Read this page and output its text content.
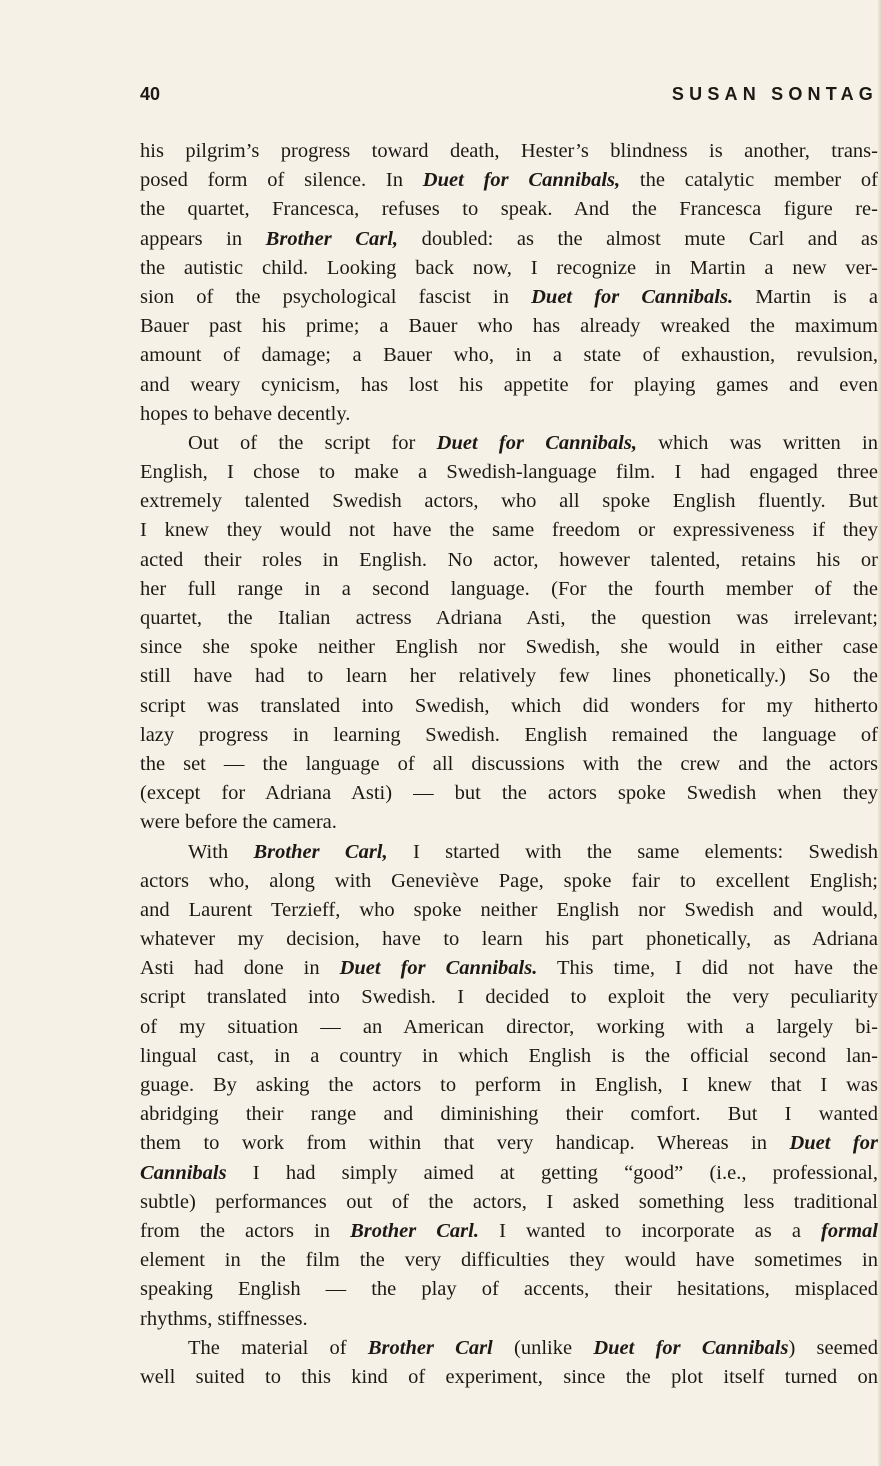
40	SUSAN SONTAG
his pilgrim’s progress toward death, Hester’s blindness is another, trans-
posed form of silence. In Duet for Cannibals, the catalytic member of
the quartet, Francesca, refuses to speak. And the Francesca figure re-
appears in Brother Carl, doubled: as the almost mute Carl and as
the autistic child. Looking back now, I recognize in Martin a new ver-
sion of the psychological fascist in Duet for Cannibals. Martin is a
Bauer past his prime; a Bauer who has already wreaked the maximum
amount of damage; a Bauer who, in a state of exhaustion, revulsion,
and weary cynicism, has lost his appetite for playing games and even
hopes to behave decently.
Out of the script for Duet for Cannibals, which was written in
English, I chose to make a Swedish-language film. I had engaged three
extremely talented Swedish actors, who all spoke English fluently. But
I knew they would not have the same freedom or expressiveness if they
acted their roles in English. No actor, however talented, retains his or
her full range in a second language. (For the fourth member of the
quartet, the Italian actress Adriana Asti, the question was irrelevant;
since she spoke neither English nor Swedish, she would in either case
still have had to learn her relatively few lines phonetically.) So the
script was translated into Swedish, which did wonders for my hitherto
lazy progress in learning Swedish. English remained the language of
the set — the language of all discussions with the crew and the actors
(except for Adriana Asti) — but the actors spoke Swedish when they
were before the camera.
With Brother Carl, I started with the same elements: Swedish
actors who, along with Geneviève Page, spoke fair to excellent English;
and Laurent Terzieff, who spoke neither English nor Swedish and would,
whatever my decision, have to learn his part phonetically, as Adriana
Asti had done in Duet for Cannibals. This time, I did not have the
script translated into Swedish. I decided to exploit the very peculiarity
of my situation — an American director, working with a largely bi-
lingual cast, in a country in which English is the official second lan-
guage. By asking the actors to perform in English, I knew that I was
abridging their range and diminishing their comfort. But I wanted
them to work from within that very handicap. Whereas in Duet for
Cannibals I had simply aimed at getting “good” (i.e., professional,
subtle) performances out of the actors, I asked something less traditional
from the actors in Brother Carl. I wanted to incorporate as a formal
element in the film the very difficulties they would have sometimes in
speaking English — the play of accents, their hesitations, misplaced
rhythms, stiffnesses.
The material of Brother Carl (unlike Duet for Cannibals) seemed
well suited to this kind of experiment, since the plot itself turned on
